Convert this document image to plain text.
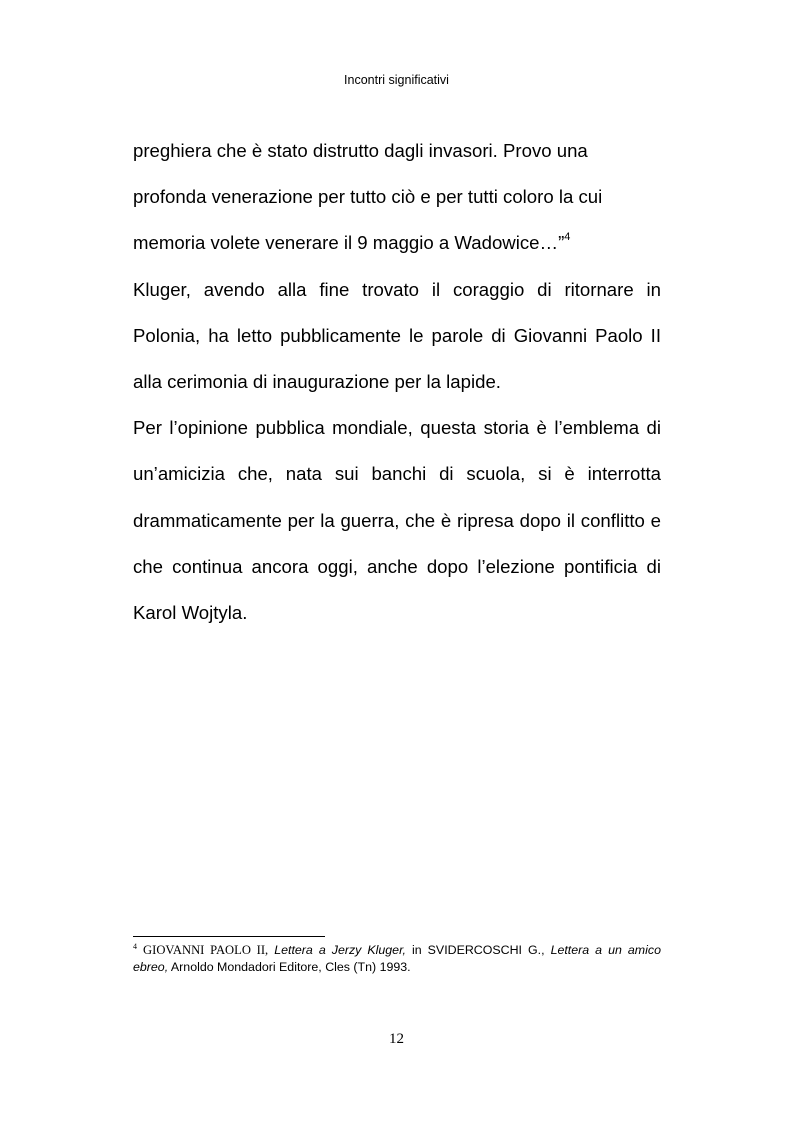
Incontri significativi

preghiera che è stato distrutto dagli invasori. Provo una profonda venerazione per tutto ciò e per tutti coloro la cui memoria volete venerare il 9 maggio a Wadowice…”$^4$

Kluger, avendo alla fine trovato il coraggio di ritornare in Polonia, ha letto pubblicamente le parole di Giovanni Paolo II alla cerimonia di inaugurazione per la lapide.

Per l’opinione pubblica mondiale, questa storia è l’emblema di un’amicizia che, nata sui banchi di scuola, si è interrotta drammaticamente per la guerra, che è ripresa dopo il conflitto e che continua ancora oggi, anche dopo l’elezione pontificia di Karol Wojtyla.

$^4$ GIOVANNI PAOLO II, Lettera a Jerzy Kluger, in SVIDERCOSCHI G., Lettera a un amico ebreo, Arnoldo Mondadori Editore, Cles (Tn) 1993.
12
